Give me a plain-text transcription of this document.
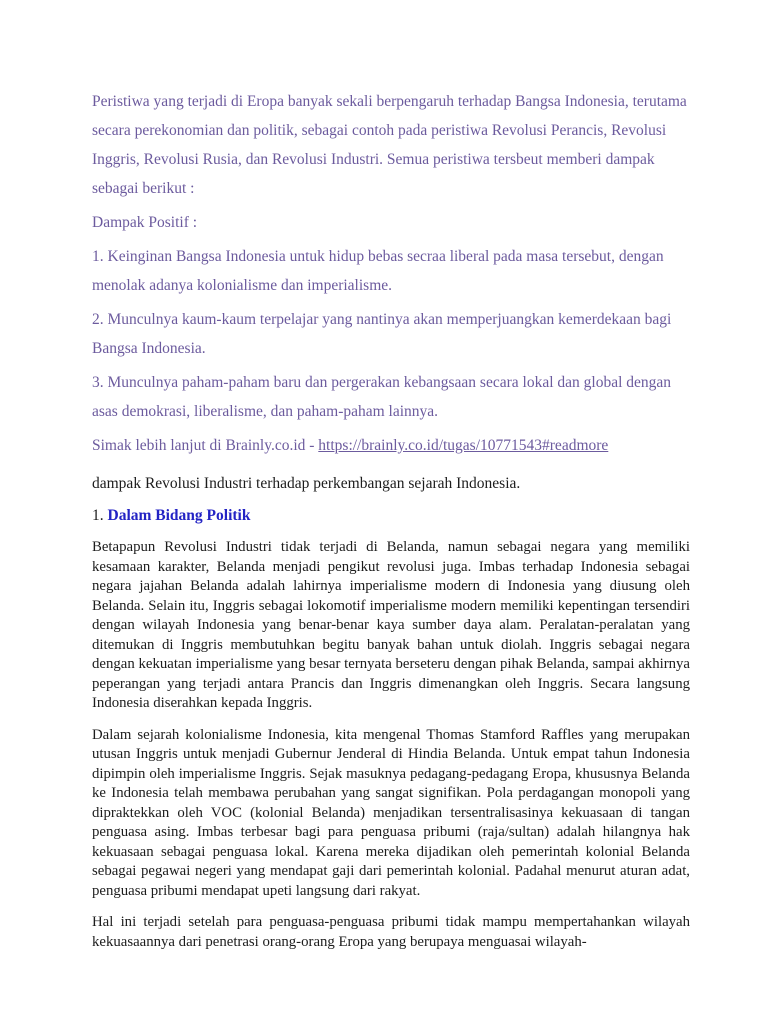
Peristiwa yang terjadi di Eropa banyak sekali berpengaruh terhadap Bangsa Indonesia, terutama secara perekonomian dan politik, sebagai contoh pada peristiwa Revolusi Perancis, Revolusi Inggris, Revolusi Rusia, dan Revolusi Industri. Semua peristiwa tersbeut memberi dampak sebagai berikut :

Dampak Positif :

1. Keinginan Bangsa Indonesia untuk hidup bebas secraa liberal pada masa tersebut, dengan menolak adanya kolonialisme dan imperialisme.

2. Munculnya kaum-kaum terpelajar yang nantinya akan memperjuangkan kemerdekaan bagi Bangsa Indonesia.

3. Munculnya paham-paham baru dan pergerakan kebangsaan secara lokal dan global dengan asas demokrasi, liberalisme, dan paham-paham lainnya.

Simak lebih lanjut di Brainly.co.id - https://brainly.co.id/tugas/10771543#readmore

dampak Revolusi Industri terhadap perkembangan sejarah Indonesia.

1. Dalam Bidang Politik

Betapapun Revolusi Industri tidak terjadi di Belanda, namun sebagai negara yang memiliki kesamaan karakter, Belanda menjadi pengikut revolusi juga. Imbas terhadap Indonesia sebagai negara jajahan Belanda adalah lahirnya imperialisme modern di Indonesia yang diusung oleh Belanda. Selain itu, Inggris sebagai lokomotif imperialisme modern memiliki kepentingan tersendiri dengan wilayah Indonesia yang benar-benar kaya sumber daya alam. Peralatan-peralatan yang ditemukan di Inggris membutuhkan begitu banyak bahan untuk diolah. Inggris sebagai negara dengan kekuatan imperialisme yang besar ternyata berseteru dengan pihak Belanda, sampai akhirnya peperangan yang terjadi antara Prancis dan Inggris dimenangkan oleh Inggris. Secara langsung Indonesia diserahkan kepada Inggris.

Dalam sejarah kolonialisme Indonesia, kita mengenal Thomas Stamford Raffles yang merupakan utusan Inggris untuk menjadi Gubernur Jenderal di Hindia Belanda. Untuk empat tahun Indonesia dipimpin oleh imperialisme Inggris. Sejak masuknya pedagang-pedagang Eropa, khususnya Belanda ke Indonesia telah membawa perubahan yang sangat signifikan. Pola perdagangan monopoli yang dipraktekkan oleh VOC (kolonial Belanda) menjadikan tersentralisasinya kekuasaan di tangan penguasa asing. Imbas terbesar bagi para penguasa pribumi (raja/sultan) adalah hilangnya hak kekuasaan sebagai penguasa lokal. Karena mereka dijadikan oleh pemerintah kolonial Belanda sebagai pegawai negeri yang mendapat gaji dari pemerintah kolonial. Padahal menurut aturan adat, penguasa pribumi mendapat upeti langsung dari rakyat.

Hal ini terjadi setelah para penguasa-penguasa pribumi tidak mampu mempertahankan wilayah kekuasaannya dari penetrasi orang-orang Eropa yang berupaya menguasai wilayah-
